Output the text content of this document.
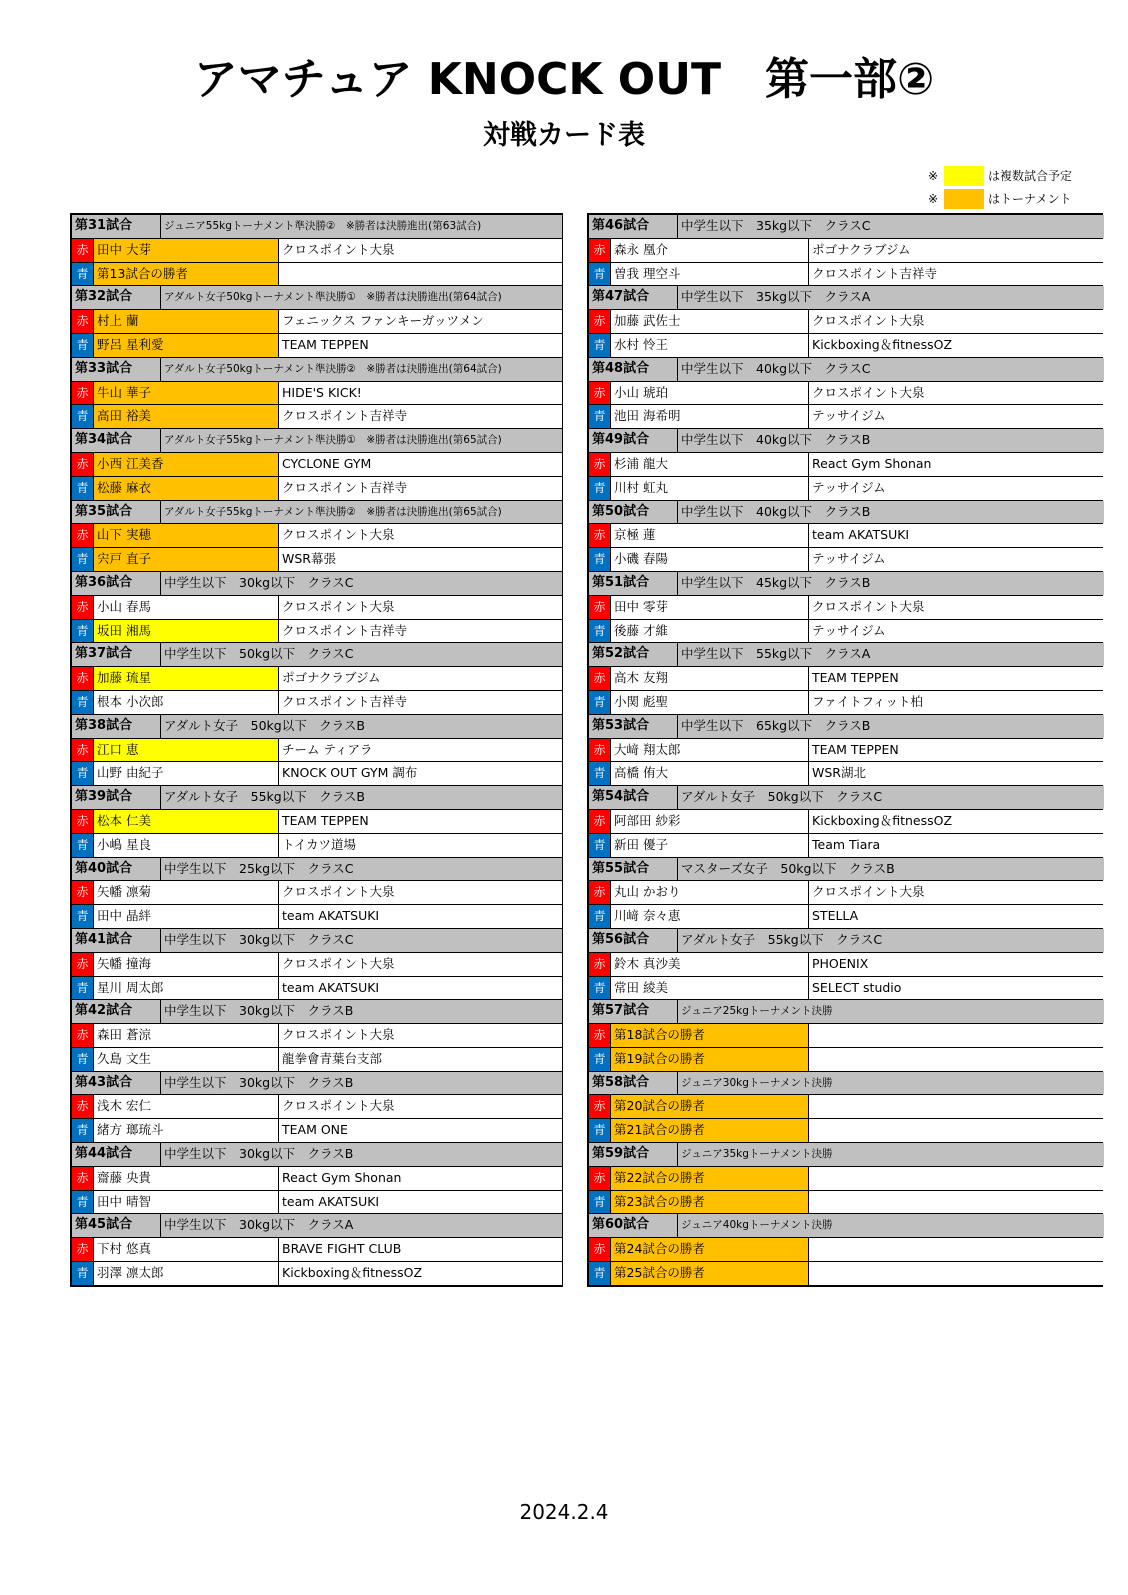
アマチュア KNOCK OUT　第一部②
対戦カード表
※	は複数試合予定
※	はトーナメント
第31試合	ジュニア55kgトーナメント準決勝②　※勝者は決勝進出(第63試合)
赤 田中 大芽	クロスポイント大泉
青 第13試合の勝者
第32試合	アダルト女子50kgトーナメント準決勝①　※勝者は決勝進出(第64試合)
赤 村上 蘭	フェニックス ファンキーガッツメン
青 野呂 星利愛	TEAM TEPPEN
第33試合	アダルト女子50kgトーナメント準決勝②　※勝者は決勝進出(第64試合)
赤 牛山 華子	HIDE'S KICK!
青 高田 裕美	クロスポイント吉祥寺
第34試合	アダルト女子55kgトーナメント準決勝①　※勝者は決勝進出(第65試合)
赤 小西 江美香	CYCLONE GYM
青 松藤 麻衣	クロスポイント吉祥寺
第35試合	アダルト女子55kgトーナメント準決勝②　※勝者は決勝進出(第65試合)
赤 山下 実穂	クロスポイント大泉
青 宍戸 直子	WSR幕張
第36試合	中学生以下　30kg以下　クラスC
赤 小山 春馬	クロスポイント大泉
青 坂田 湘馬	クロスポイント吉祥寺
第37試合	中学生以下　50kg以下　クラスC
赤 加藤 琉星	ポゴナクラブジム
青 根本 小次郎	クロスポイント吉祥寺
第38試合	アダルト女子　50kg以下　クラスB
赤 江口 恵	チーム ティアラ
青 山野 由紀子	KNOCK OUT GYM 調布
第39試合	アダルト女子　55kg以下　クラスB
赤 松本 仁美	TEAM TEPPEN
青 小嶋 星良	トイカツ道場
第40試合	中学生以下　25kg以下　クラスC
赤 矢幡 凛菊	クロスポイント大泉
青 田中 晶絆	team AKATSUKI
第41試合	中学生以下　30kg以下　クラスC
赤 矢幡 撞海	クロスポイント大泉
青 星川 周太郎	team AKATSUKI
第42試合	中学生以下　30kg以下　クラスB
赤 森田 蒼涼	クロスポイント大泉
青 久島 文生	龍拳會青葉台支部
第43試合	中学生以下　30kg以下　クラスB
赤 浅木 宏仁	クロスポイント大泉
青 緒方 瑯琉斗	TEAM ONE
第44試合	中学生以下　30kg以下　クラスB
赤 齋藤 央貴	React Gym Shonan
青 田中 晴智	team AKATSUKI
第45試合	中学生以下　30kg以下　クラスA
赤 下村 悠真	BRAVE FIGHT CLUB
青 羽澤 凛太郎	Kickboxing＆fitnessOZ
第46試合	中学生以下　35kg以下　クラスC
赤 森永 凰介	ポゴナクラブジム
青 曽我 理空斗	クロスポイント吉祥寺
第47試合	中学生以下　35kg以下　クラスA
赤 加藤 武佐士	クロスポイント大泉
青 水村 怜王	Kickboxing＆fitnessOZ
第48試合	中学生以下　40kg以下　クラスC
赤 小山 琥珀	クロスポイント大泉
青 池田 海希明	テッサイジム
第49試合	中学生以下　40kg以下　クラスB
赤 杉浦 龍大	React Gym Shonan
青 川村 虹丸	テッサイジム
第50試合	中学生以下　40kg以下　クラスB
赤 京極 蓮	team AKATSUKI
青 小磯 春陽	テッサイジム
第51試合	中学生以下　45kg以下　クラスB
赤 田中 零芽	クロスポイント大泉
青 後藤 才維	テッサイジム
第52試合	中学生以下　55kg以下　クラスA
赤 高木 友翔	TEAM TEPPEN
青 小関 彪聖	ファイトフィット柏
第53試合	中学生以下　65kg以下　クラスB
赤 大﨑 翔太郎	TEAM TEPPEN
青 高橋 侑大	WSR湖北
第54試合	アダルト女子　50kg以下　クラスC
赤 阿部田 紗彩	Kickboxing＆fitnessOZ
青 新田 優子	Team Tiara
第55試合	マスターズ女子　50kg以下　クラスB
赤 丸山 かおり	クロスポイント大泉
青 川﨑 奈々恵	STELLA
第56試合	アダルト女子　55kg以下　クラスC
赤 鈴木 真沙美	PHOENIX
青 常田 綾美	SELECT studio
第57試合	ジュニア25kgトーナメント決勝
赤 第18試合の勝者
青 第19試合の勝者
第58試合	ジュニア30kgトーナメント決勝
赤 第20試合の勝者
青 第21試合の勝者
第59試合	ジュニア35kgトーナメント決勝
赤 第22試合の勝者
青 第23試合の勝者
第60試合	ジュニア40kgトーナメント決勝
赤 第24試合の勝者
青 第25試合の勝者
2024.2.4
